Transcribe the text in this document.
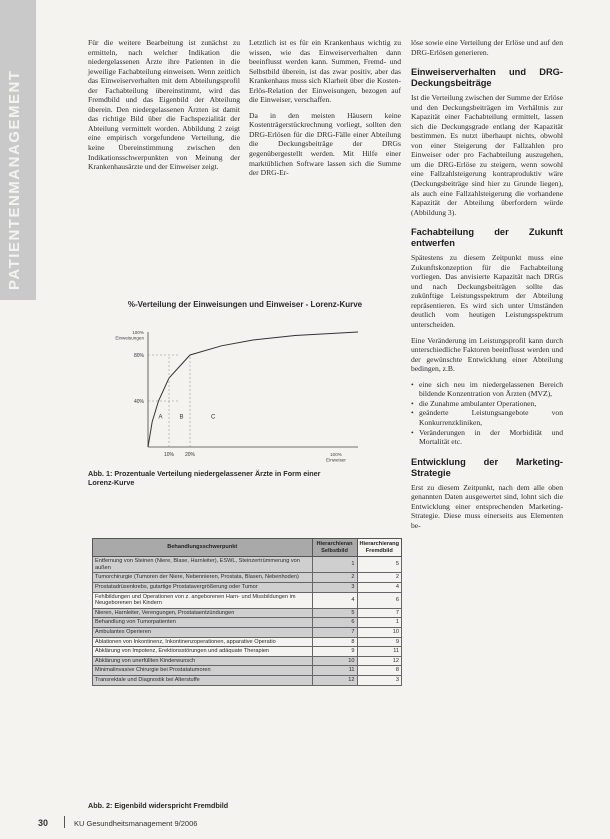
PATIENTENMANAGEMENT

Für die weitere Bearbeitung ist zunächst zu ermitteln, nach welcher Indikation die niedergelassenen Ärzte ihre Patienten in die jeweilige Fachabteilung einweisen. Wenn zeitlich das Einweiserverhalten mit dem Abteilungsprofil der Fachabteilung übereinstimmt, wird das Fremdbild und das Eigenbild der Abteilung überein. Den niedergelassenen Ärzten ist damit das richtige Bild über die Fachspezialität der Abteilung vermittelt worden. Abbildung 2 zeigt eine empirisch vorgefundene Verteilung, die keine Übereinstimmung zwischen den Indikationsschwerpunkten von Meinung der Krankenhausärzte und der Einweiser zeigt.

Letztlich ist es für ein Krankenhaus wichtig zu wissen, wie das Einweiserverhalten dann beeinflusst werden kann. Summen, Fremd- und Selbstbild überein, ist das zwar positiv, aber das Krankenhaus muss sich Klarheit über die Kosten-Erlös-Relation der Einweisungen, bezogen auf die Einweiser, verschaffen.

Da in den meisten Häusern keine Kostenträgerstückrechnung vorliegt, sollten den DRG-Erlösen für die DRG-Fälle einer Abteilung die Deckungsbeiträge der DRGs gegenübergestellt werden. Mit Hilfe einer marktüblichen Software lassen sich die Summe der DRG-Er-

löse sowie eine Verteilung der Erlöse und auf den DRG-Erlösen generieren.

Einweiserverhalten und DRG-Deckungsbeiträge

Ist die Verteilung zwischen der Summe der Erlöse und den Deckungsbeiträgen im Verhältnis zur Kapazität einer Fachabteilung ermittelt, lassen sich die Deckungsgrade entlang der Kapazität bestimmen. Es nutzt überhaupt nichts, obwohl von einer Steigerung der Fallzahlen pro Einweiser oder pro Fachabteilung auszugehen, um die DRG-Erlöse zu steigern, wenn sowohl eine Fallzahlsteigerung kontraproduktiv wäre (Deckungsbeiträge sind hier zu Grunde liegen), als auch eine Fallzahlsteigerung die vorhandene Kapazität der Abteilung überfordern würde (Abbildung 3).

Fachabteilung der Zukunft entwerfen

Spätestens zu diesem Zeitpunkt muss eine Zukunftskonzeption für die Fachabteilung vorliegen. Das anvisierte Kapazität nach DRGs und nach Deckungsbeiträgen sollte das zukünftige Leistungsspektrum der Abteilung repräsentieren. Es wird sich unter Umständen deutlich vom heutigen Leistungsspektrum unterscheiden.

Eine Veränderung im Leistungsprofil kann durch unterschiedliche Faktoren beeinflusst werden und der gewünschte Entwicklung einer Abteilung bedingen, z.B.

• eine sich neu im niedergelassenen Bereich bildende Konzentration von Ärzten (MVZ),
• die Zunahme ambulanter Operationen,
• geänderte Leistungsangebote von Konkurrenzkliniken,
• Veränderungen in der Morbidität und Mortalität etc.
Entwicklung der Marketing-Strategie

Erst zu diesem Zeitpunkt, nach dem alle oben genannten Daten ausgewertet sind, lohnt sich die Entwicklung einer entsprechenden Marketing-Strategie. Diese muss einerseits aus Elementen be-

%-Verteilung der Einweisungen und Einweiser - Lorenz-Kurve
80%
40%
10% 20%
A	B	C
100% Einweisungen
100% Einweiser
Abb. 1: Prozentuale Verteilung niedergelassener Ärzte in Form einer Lorenz-Kurve
Behandlungsschwerpunkt	Hierarchieran Selbstbild	Hierarchierang Fremdbild
Entfernung von Steinen (Niere, Blase, Harnleiter), ESWL, Steinzertrümmerung von außen	1	5
Tumorchirurgie (Tumoren der Niere, Nebennieren, Prostata, Blasen, Nebenhoden)	2	2
Prostatadrüsenkrebs, gutartige Prostatavergrößerung oder Tumor	3	4
Fehlbildungen und Operationen von z. angeborenen Harn- und Missbildungen im Neugeborenen bei Kindern	4	6
Nieren, Harnleiter, Verengungen, Prostataentzündungen	5	7
Behandlung von Tumorpatienten	6	1
Ambulantes Operieren	7	10
Ablationen von Inkontinenz, Inkontinenzoperationen, apparative Operatio	8	9
Abklärung von Impotenz, Erektionsstörungen und adäquate Therapien	9	11
Abklärung von unerfüllten Kinderwunsch	10	12
Minimalinvasive Chirurgie bei Prostatatumoren	11	8
Transrektale und Diagnostik bei Alterstuffe	12	3
Abb. 2: Eigenbild widerspricht Fremdbild
30	KU Gesundheitsmanagement 9/2006
